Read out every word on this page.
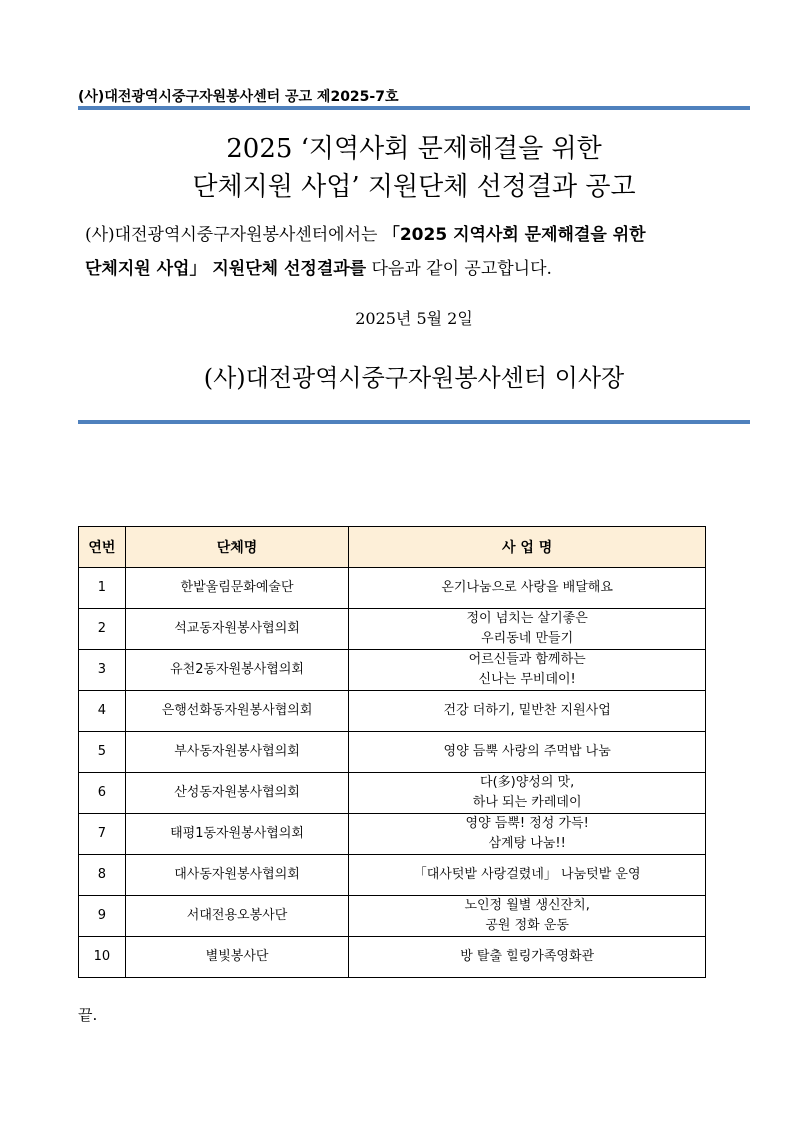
(사)대전광역시중구자원봉사센터 공고 제2025-7호
2025 ‘지역사회 문제해결을 위한
단체지원 사업’ 지원단체 선정결과 공고
(사)대전광역시중구자원봉사센터에서는 「2025 지역사회 문제해결을 위한
단체지원 사업」 지원단체 선정결과를 다음과 같이 공고합니다.
2025년 5월 2일
(사)대전광역시중구자원봉사센터 이사장
연번	단체명	사 업 명
1	한밭울림문화예술단	온기나눔으로 사랑을 배달해요

2	석교동자원봉사협의회	정이 넘치는 살기좋은
우리동네 만들기

3	유천2동자원봉사협의회	어르신들과 함께하는
신나는 무비데이!

4	은행선화동자원봉사협의회	건강 더하기, 밑반찬 지원사업

5	부사동자원봉사협의회	영양 듬뿍 사랑의 주먹밥 나눔

6	산성동자원봉사협의회	다(多)양성의 맛,
하나 되는 카레데이

7	태평1동자원봉사협의회	영양 듬뿍! 정성 가득!
삼계탕 나눔!!

8	대사동자원봉사협의회	「대사텃밭 사랑걸렸네」 나눔텃밭 운영

9	서대전용오봉사단	노인정 월별 생신잔치,
공원 정화 운동

10	별빛봉사단	방 탈출 힐링가족영화관
끝.
